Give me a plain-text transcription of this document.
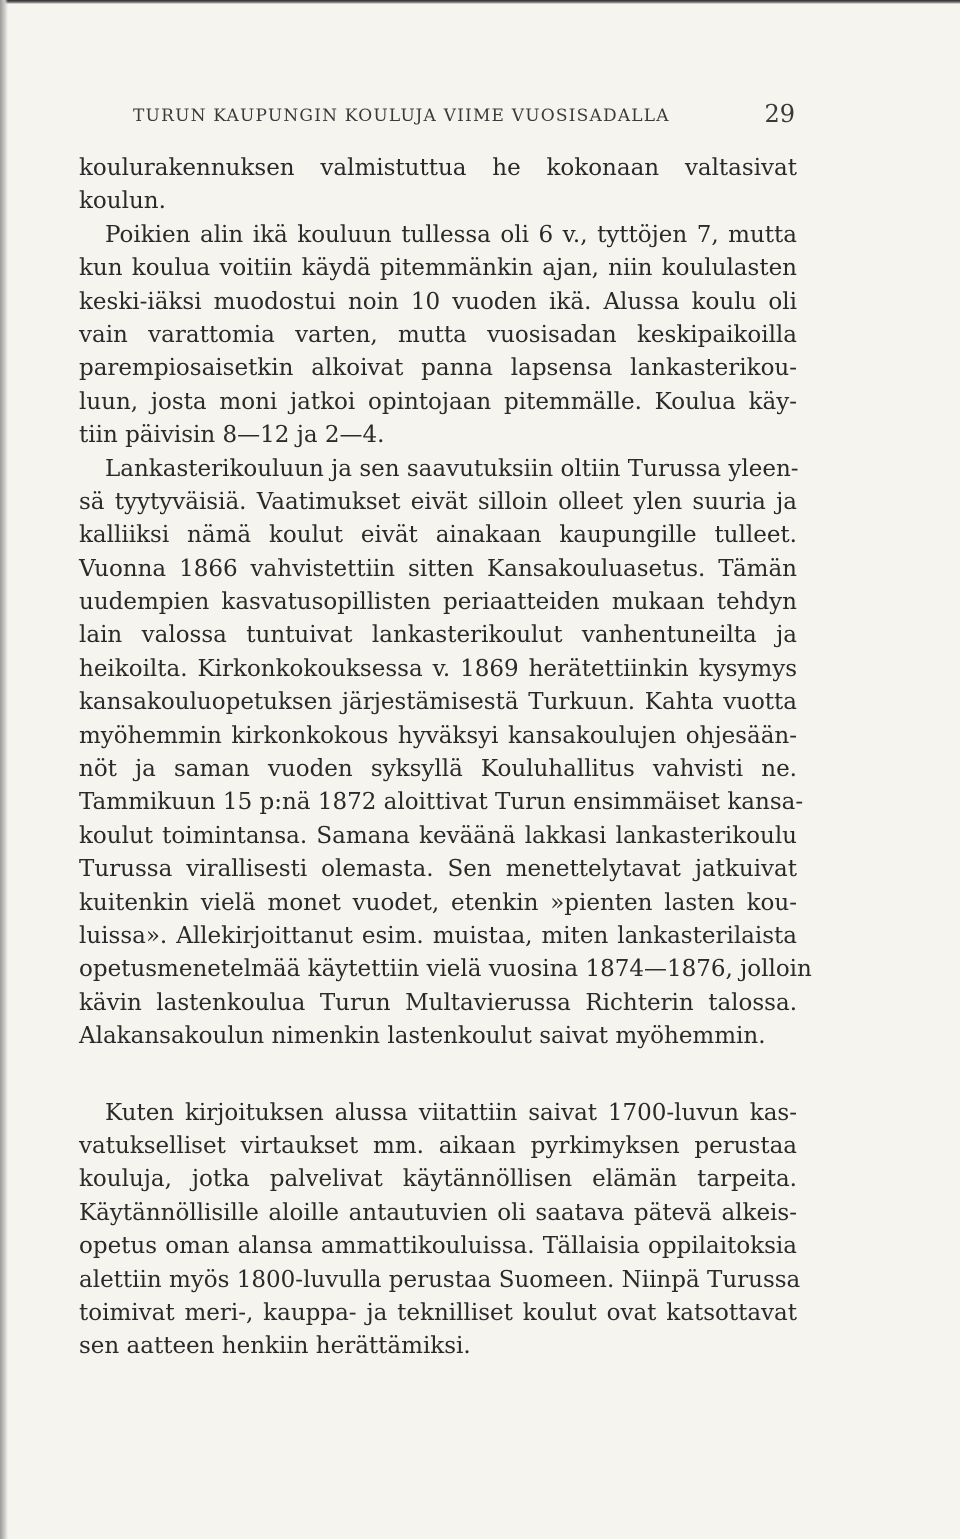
TURUN KAUPUNGIN KOULUJA VIIME VUOSISADALLA	29
koulurakennuksen valmistuttua he kokonaan valtasivat
koulun.
Poikien alin ikä kouluun tullessa oli 6 v., tyttöjen 7, mutta
kun koulua voitiin käydä pitemmänkin ajan, niin koululasten
keski-iäksi muodostui noin 10 vuoden ikä. Alussa koulu oli
vain varattomia varten, mutta vuosisadan keskipaikoilla
parempiosaisetkin alkoivat panna lapsensa lankasterikou-
luun, josta moni jatkoi opintojaan pitemmälle. Koulua käy-
tiin päivisin 8—12 ja 2—4.
Lankasterikouluun ja sen saavutuksiin oltiin Turussa yleen-
sä tyytyväisiä. Vaatimukset eivät silloin olleet ylen suuria ja
kalliiksi nämä koulut eivät ainakaan kaupungille tulleet.
Vuonna 1866 vahvistettiin sitten Kansakouluasetus. Tämän
uudempien kasvatusopillisten periaatteiden mukaan tehdyn
lain valossa tuntuivat lankasterikoulut vanhentuneilta ja
heikoilta. Kirkonkokouksessa v. 1869 herätettiinkin kysymys
kansakouluopetuksen järjestämisestä Turkuun. Kahta vuotta
myöhemmin kirkonkokous hyväksyi kansakoulujen ohjesään-
nöt ja saman vuoden syksyllä Kouluhallitus vahvisti ne.
Tammikuun 15 p:nä 1872 aloittivat Turun ensimmäiset kansa-
koulut toimintansa. Samana keväänä lakkasi lankasterikoulu
Turussa virallisesti olemasta. Sen menettelytavat jatkuivat
kuitenkin vielä monet vuodet, etenkin »pienten lasten kou-
luissa». Allekirjoittanut esim. muistaa, miten lankasterilaista
opetusmenetelmää käytettiin vielä vuosina 1874—1876, jolloin
kävin lastenkoulua Turun Multavierussa Richterin talossa.
Alakansakoulun nimenkin lastenkoulut saivat myöhemmin.
Kuten kirjoituksen alussa viitattiin saivat 1700-luvun kas-
vatukselliset virtaukset mm. aikaan pyrkimyksen perustaa
kouluja, jotka palvelivat käytännöllisen elämän tarpeita.
Käytännöllisille aloille antautuvien oli saatava pätevä alkeis-
opetus oman alansa ammattikouluissa. Tällaisia oppilaitoksia
alettiin myös 1800-luvulla perustaa Suomeen. Niinpä Turussa
toimivat meri-, kauppa- ja teknilliset koulut ovat katsottavat
sen aatteen henkiin herättämiksi.
